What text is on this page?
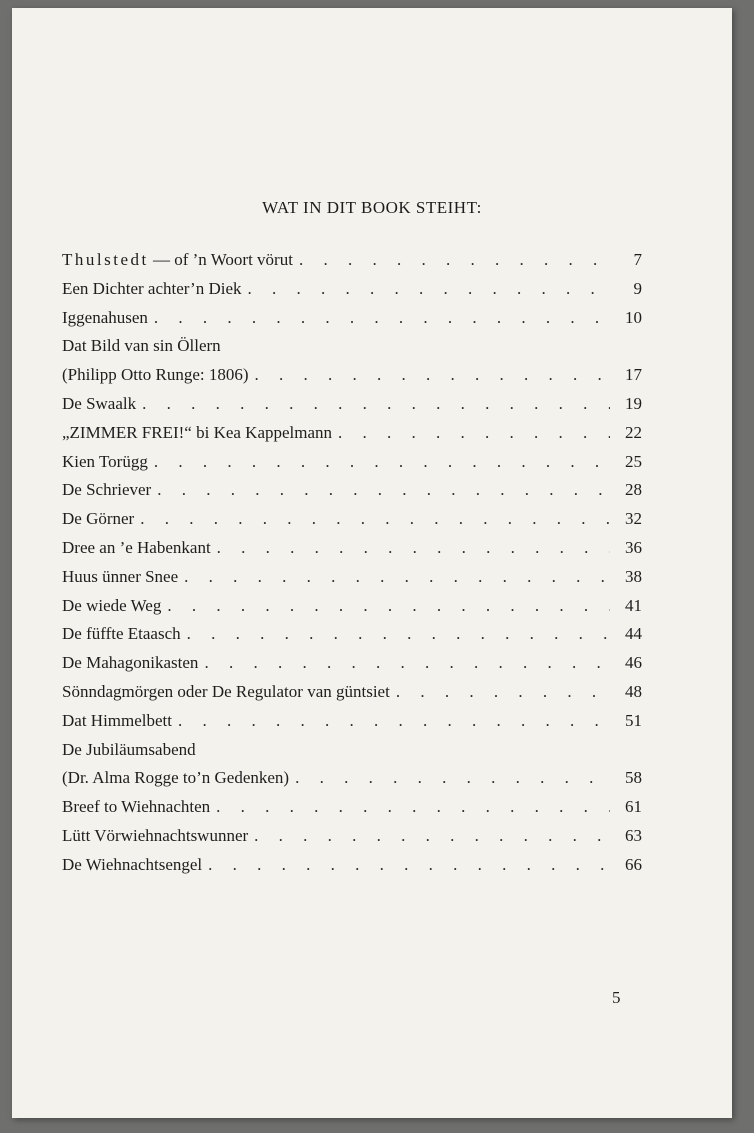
WAT IN DIT BOOK STEIHT:
Thulstedt — of ’n Woort vörut . . .	7
Een Dichter achter’n Diek . . .	9
Iggenahusen . . .	10
Dat Bild van sin Öllern
(Philipp Otto Runge: 1806) . . .	17
De Swaalk . . .	19
„ZIMMER FREI!“ bi Kea Kappelmann . . .	22
Kien Torügg . . .	25
De Schriever . . .	28
De Görner . . .	32
Dree an ’e Habenkant . . .	36
Huus ünner Snee . . .	38
De wiede Weg . . .	41
De füffte Etaasch . . .	44
De Mahagonikasten . . .	46
Sönndagmörgen oder De Regulator van güntsiet . . .	48
Dat Himmelbett . . .	51
De Jubiläumsabend
(Dr. Alma Rogge to’n Gedenken) . . .	58
Breef to Wiehnachten . . .	61
Lütt Vörwiehnachtswunner . . .	63
De Wiehnachtsengel . . .	66
5
